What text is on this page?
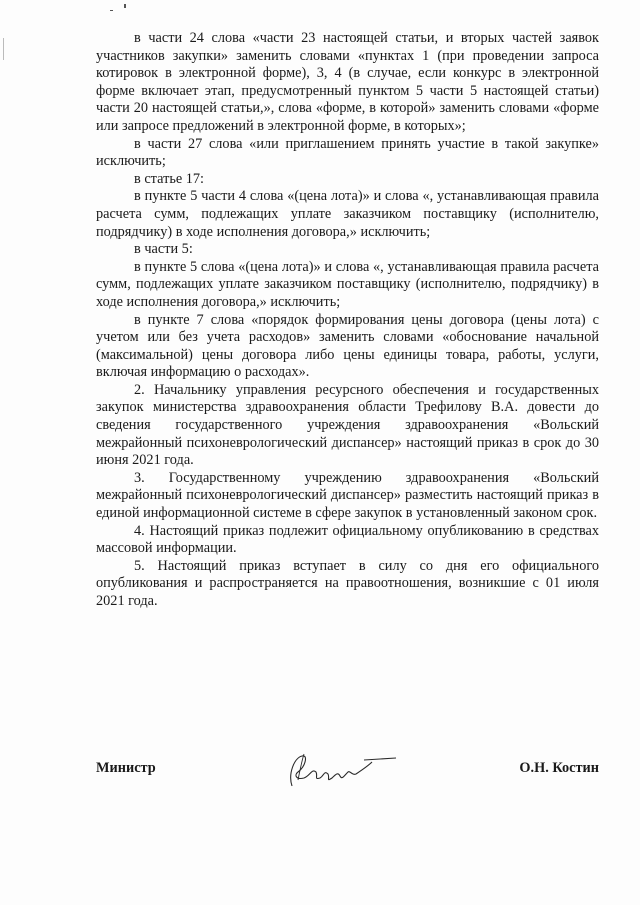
в части 24 слова «части 23 настоящей статьи, и вторых частей заявок участников закупки» заменить словами «пунктах 1 (при проведении запроса котировок в электронной форме), 3, 4 (в случае, если конкурс в электронной форме включает этап, предусмотренный пунктом 5 части 5 настоящей статьи) части 20 настоящей статьи,», слова «форме, в которой» заменить словами «форме или запросе предложений в электронной форме, в которых»;

в части 27 слова «или приглашением принять участие в такой закупке» исключить;

в статье 17:

в пункте 5 части 4 слова «(цена лота)» и слова «, устанавливающая правила расчета сумм, подлежащих уплате заказчиком поставщику (исполнителю, подрядчику) в ходе исполнения договора,» исключить;

в части 5:

в пункте 5 слова «(цена лота)» и слова «, устанавливающая правила расчета сумм, подлежащих уплате заказчиком поставщику (исполнителю, подрядчику) в ходе исполнения договора,» исключить;

в пункте 7 слова «порядок формирования цены договора (цены лота) с учетом или без учета расходов» заменить словами «обоснование начальной (максимальной) цены договора либо цены единицы товара, работы, услуги, включая информацию о расходах».

2. Начальнику управления ресурсного обеспечения и государственных закупок министерства здравоохранения области Трефилову В.А. довести до сведения государственного учреждения здравоохранения «Вольский межрайонный психоневрологический диспансер» настоящий приказ в срок до 30 июня 2021 года.

3. Государственному учреждению здравоохранения «Вольский межрайонный психоневрологический диспансер» разместить настоящий приказ в единой информационной системе в сфере закупок в установленный законом срок.

4. Настоящий приказ подлежит официальному опубликованию в средствах массовой информации.

5. Настоящий приказ вступает в силу со дня его официального опубликования и распространяется на правоотношения, возникшие с 01 июля 2021 года.

Министр	О.Н. Костин
